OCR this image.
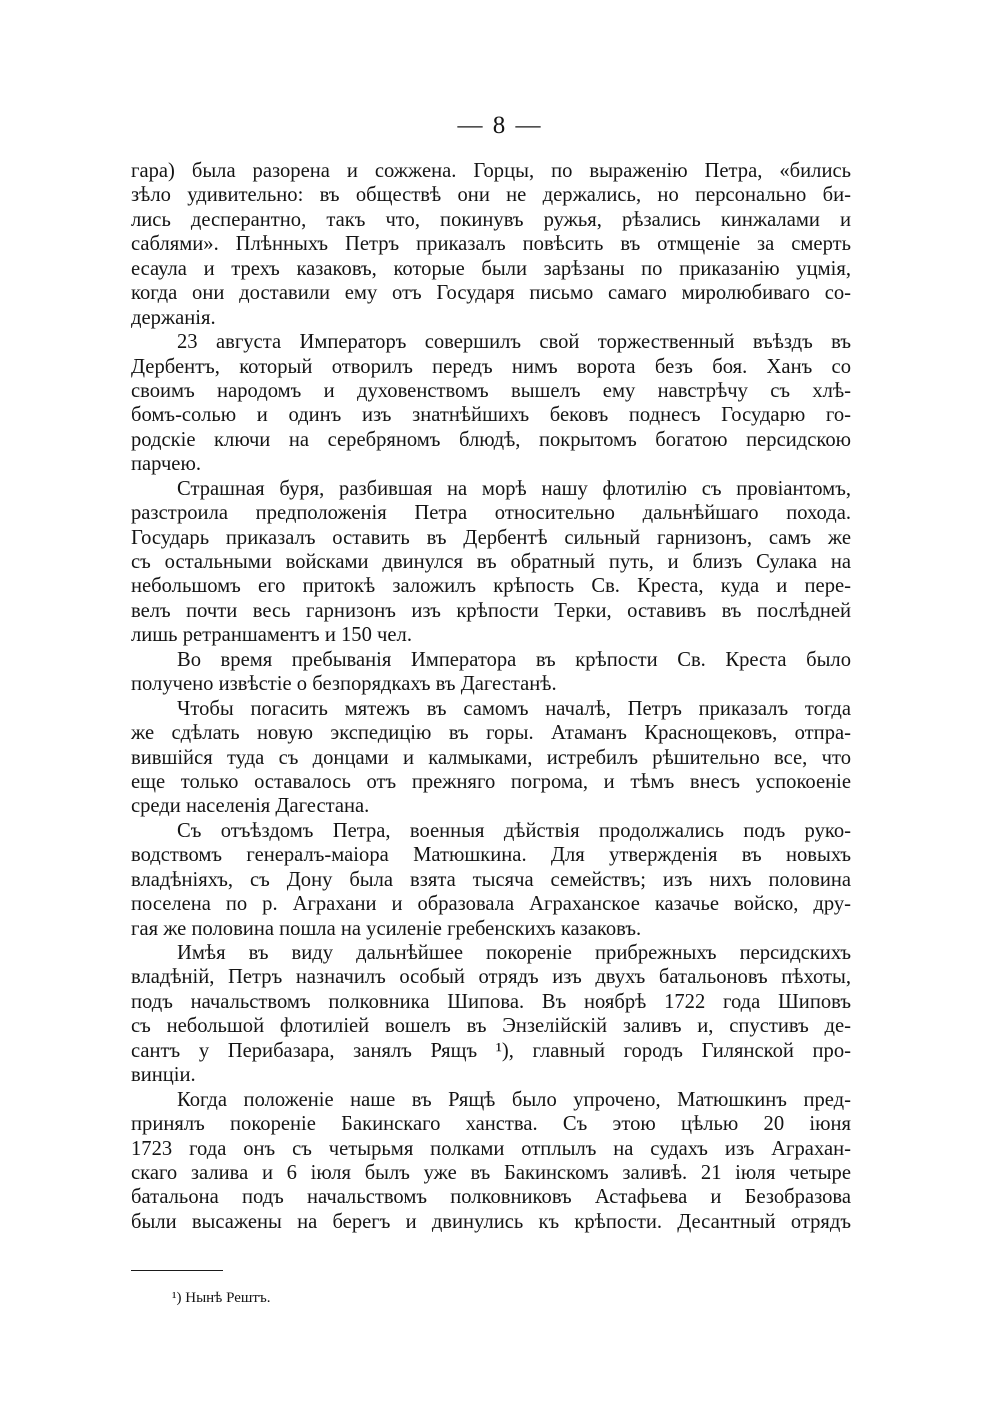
— 8 —
гара) была разорена и сожжена. Горцы, по выраженію Петра, «бились
зѣло удивительно: въ обществѣ они не держались, но персонально би-
лись десперантно, такъ что, покинувъ ружья, рѣзались кинжалами и
саблями». Плѣнныхъ Петръ приказалъ повѣсить въ отмщеніе за смерть
есаула и трехъ казаковъ, которые были зарѣзаны по приказанію уцмія,
когда они доставили ему отъ Государя письмо самаго миролюбиваго со-
держанія.
23 августа Императоръ совершилъ свой торжественный въѣздъ въ
Дербентъ, который отворилъ передъ нимъ ворота безъ боя. Ханъ со
своимъ народомъ и духовенствомъ вышелъ ему навстрѣчу съ хлѣ-
бомъ-солью и одинъ изъ знатнѣйшихъ бековъ поднесъ Государю го-
родскіе ключи на серебряномъ блюдѣ, покрытомъ богатою персидскою
парчею.
Страшная буря, разбившая на морѣ нашу флотилію съ провіантомъ,
разстроила предположенія Петра относительно дальнѣйшаго похода.
Государь приказалъ оставить въ Дербентѣ сильный гарнизонъ, самъ же
съ остальными войсками двинулся въ обратный путь, и близъ Сулака на
небольшомъ его притокѣ заложилъ крѣпость Св. Креста, куда и пере-
велъ почти весь гарнизонъ изъ крѣпости Терки, оставивъ въ послѣдней
лишь ретраншаментъ и 150 чел.
Во время пребыванія Императора въ крѣпости Св. Креста было
получено извѣстіе о безпорядкахъ въ Дагестанѣ.
Чтобы погасить мятежъ въ самомъ началѣ, Петръ приказалъ тогда
же сдѣлать новую экспедицію въ горы. Атаманъ Краснощековъ, отпра-
вившійся туда съ донцами и калмыками, истребилъ рѣшительно все, что
еще только оставалось отъ прежняго погрома, и тѣмъ внесъ успокоеніе
среди населенія Дагестана.
Съ отъѣздомъ Петра, военныя дѣйствія продолжались подъ руко-
водствомъ генералъ-маіора Матюшкина. Для утвержденія въ новыхъ
владѣніяхъ, съ Дону была взята тысяча семействъ; изъ нихъ половина
поселена по р. Аграхани и образовала Аграханское казачье войско, дру-
гая же половина пошла на усиленіе гребенскихъ казаковъ.
Имѣя въ виду дальнѣйшее покореніе прибрежныхъ персидскихъ
владѣній, Петръ назначилъ особый отрядъ изъ двухъ батальоновъ пѣхоты,
подъ начальствомъ полковника Шипова. Въ ноябрѣ 1722 года Шиповъ
съ небольшой флотиліей вошелъ въ Энзелійскій заливъ и, спустивъ де-
сантъ у Перибазара, занялъ Рящъ ¹), главный городъ Гилянской про-
винціи.
Когда положеніе наше въ Рящѣ было упрочено, Матюшкинъ пред-
принялъ покореніе Бакинскаго ханства. Съ этою цѣлью 20 іюня
1723 года онъ съ четырьмя полками отплылъ на судахъ изъ Аграхан-
скаго залива и 6 іюля былъ уже въ Бакинскомъ заливѣ. 21 іюля четыре
батальона подъ начальствомъ полковниковъ Астафьева и Безобразова
были высажены на берегъ и двинулись къ крѣпости. Десантный отрядъ
¹) Нынѣ Рештъ.
